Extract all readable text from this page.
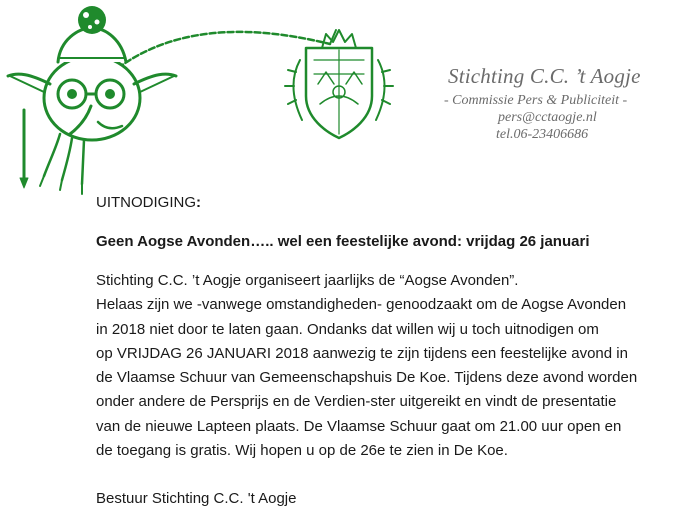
Stichting C.C. ’t Aogje
- Commissie Pers & Publiciteit -
pers@cctaogje.nl
tel.06-23406686
UITNODIGING:
Geen Aogse Avonden….. wel een feestelijke avond: vrijdag 26 januari
Stichting C.C. ’t Aogje organiseert jaarlijks de “Aogse Avonden”.
Helaas zijn we -vanwege omstandigheden- genoodzaakt om de Aogse Avonden
in 2018 niet door te laten gaan. Ondanks dat willen wij u toch uitnodigen om
op VRIJDAG 26 JANUARI 2018 aanwezig te zijn tijdens een feestelijke avond in
de Vlaamse Schuur van Gemeenschapshuis De Koe. Tijdens deze avond worden
onder andere de Persprijs en de Verdien-ster uitgereikt en vindt de presentatie
van de nieuwe Lapteen plaats. De Vlaamse Schuur gaat om 21.00 uur open en
de toegang is gratis. Wij hopen u op de 26e te zien in De Koe.
Bestuur Stichting C.C. 't Aogje
